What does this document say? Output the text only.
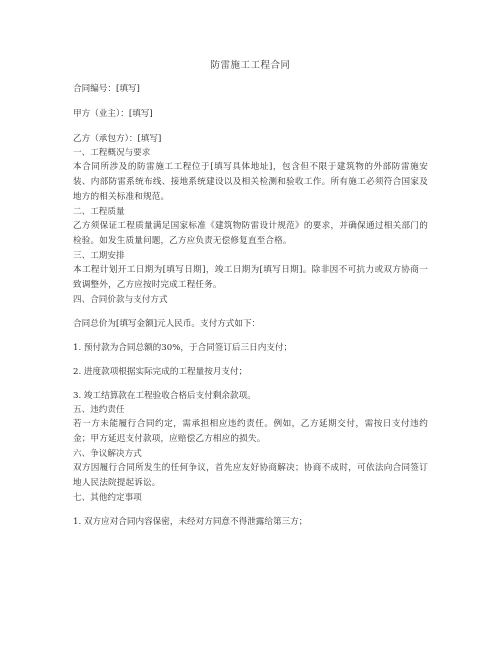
防雷施工工程合同

合同编号：[填写]

甲方（业主）：[填写]

乙方（承包方）：[填写]

一、工程概况与要求

本合同所涉及的防雷施工工程位于[填写具体地址]，包含但不限于建筑物的外部防雷施安装、内部防雷系统布线、接地系统建设以及相关检测和验收工作。所有施工必须符合国家及地方的相关标准和规范。

二、工程质量

乙方须保证工程质量满足国家标准《建筑物防雷设计规范》的要求，并确保通过相关部门的检验。如发生质量问题，乙方应负责无偿修复直至合格。

三、工期安排

本工程计划开工日期为[填写日期]，竣工日期为[填写日期]。除非因不可抗力或双方协商一致调整外，乙方应按时完成工程任务。

四、合同价款与支付方式

合同总价为[填写金额]元人民币。支付方式如下：

1. 预付款为合同总额的30%，于合同签订后三日内支付；

2. 进度款项根据实际完成的工程量按月支付；

3. 竣工结算款在工程验收合格后支付剩余款项。

五、违约责任

若一方未能履行合同约定，需承担相应违约责任。例如，乙方延期交付，需按日支付违约金；甲方延迟支付款项，应赔偿乙方相应的损失。

六、争议解决方式

双方因履行合同所发生的任何争议，首先应友好协商解决；协商不成时，可依法向合同签订地人民法院提起诉讼。

七、其他约定事项

1. 双方应对合同内容保密，未经对方同意不得泄露给第三方；
